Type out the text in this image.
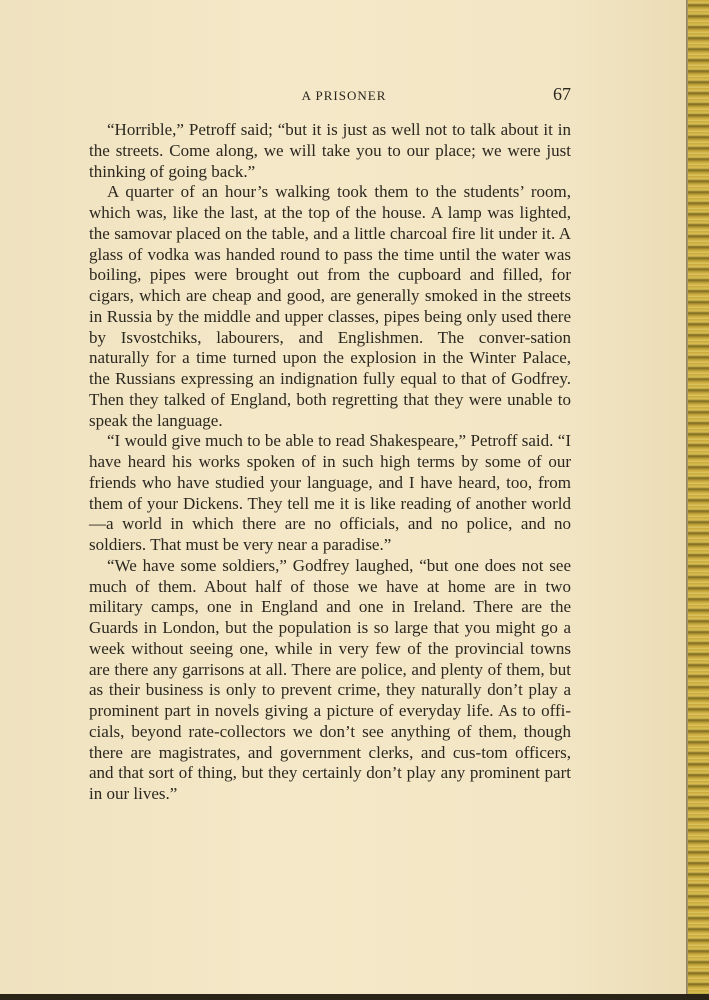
A PRISONER	67

“Horrible,” Petroff said; “but it is just as well not to talk about it in the streets. Come along, we will take you to our place; we were just thinking of going back.”

A quarter of an hour’s walking took them to the students’ room, which was, like the last, at the top of the house. A lamp was lighted, the samovar placed on the table, and a little charcoal fire lit under it. A glass of vodka was handed round to pass the time until the water was boiling, pipes were brought out from the cupboard and filled, for cigars, which are cheap and good, are generally smoked in the streets in Russia by the middle and upper classes, pipes being only used there by Isvostchiks, labourers, and Englishmen. The conver-sation naturally for a time turned upon the explosion in the Winter Palace, the Russians expressing an indignation fully equal to that of Godfrey. Then they talked of England, both regretting that they were unable to speak the language.

“I would give much to be able to read Shakespeare,” Petroff said. “I have heard his works spoken of in such high terms by some of our friends who have studied your language, and I have heard, too, from them of your Dickens. They tell me it is like reading of another world—a world in which there are no officials, and no police, and no soldiers. That must be very near a paradise.”

“We have some soldiers,” Godfrey laughed, “but one does not see much of them. About half of those we have at home are in two military camps, one in England and one in Ireland. There are the Guards in London, but the population is so large that you might go a week without seeing one, while in very few of the provincial towns are there any garrisons at all. There are police, and plenty of them, but as their business is only to prevent crime, they naturally don’t play a prominent part in novels giving a picture of everyday life. As to offi-cials, beyond rate-collectors we don’t see anything of them, though there are magistrates, and government clerks, and cus-tom officers, and that sort of thing, but they certainly don’t play any prominent part in our lives.”
